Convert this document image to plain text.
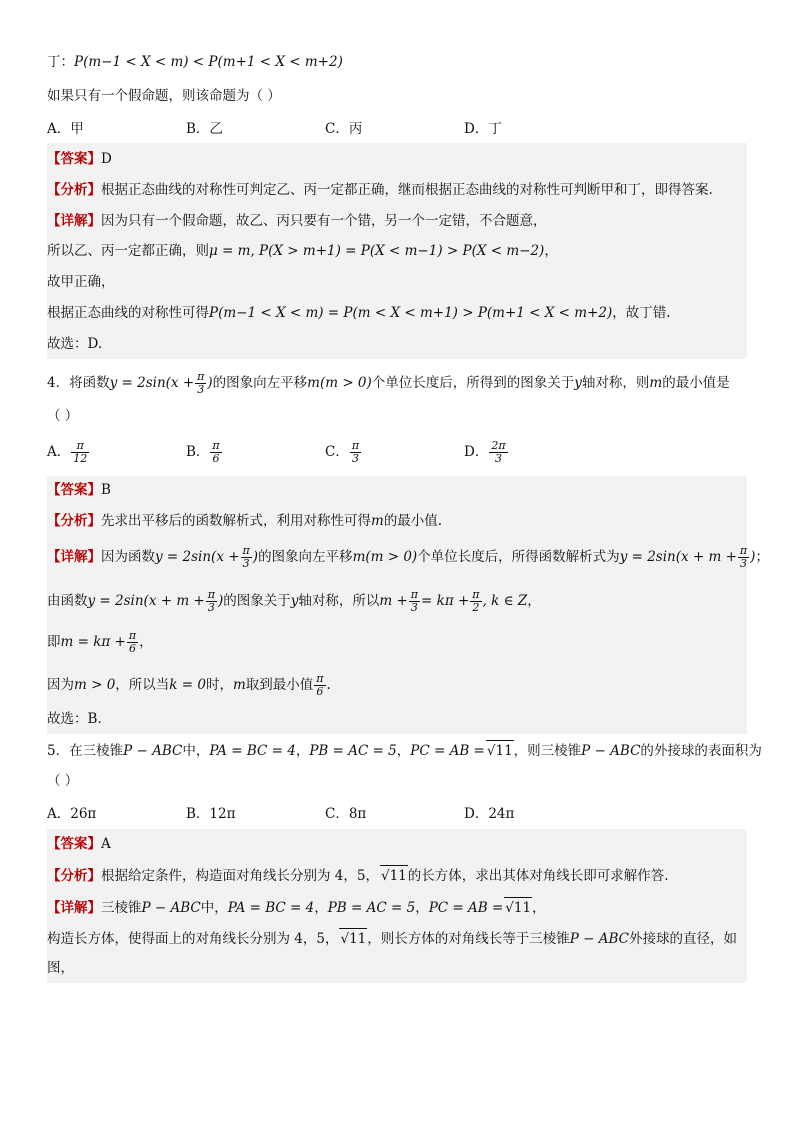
丁：P(m−1 < X < m) < P(m+1 < X < m+2)
如果只有一个假命题，则该命题为（ ）
A．甲	B．乙	C．丙	D．丁
【答案】D
【分析】根据正态曲线的对称性可判定乙、丙一定都正确，继而根据正态曲线的对称性可判断甲和丁，即得答案.
【详解】因为只有一个假命题，故乙、丙只要有一个错，另一个一定错，不合题意，
所以乙、丙一定都正确，则μ = m, P(X > m+1) = P(X < m−1) > P(X < m−2)，
故甲正确，
根据正态曲线的对称性可得P(m−1 < X < m) = P(m < X < m+1) > P(m+1 < X < m+2)，故丁错.
故选：D.
4．将函数$y = 2\sin(x + \frac{\pi}{3}$ )的图象向左平移m(m > 0)个单位长度后，所得到的图象关于y轴对称，则m的最小值是
（ ）
A． $\frac{\pi}{12}$	B． $\frac{\pi}{6}$	C． $\frac{\pi}{3}$	D． $\frac{2\pi}{3}$
【答案】B
【分析】先求出平移后的函数解析式，利用对称性可得m的最小值.
【详解】因为函数$y = 2\sin(x + \frac{\pi}{3}$ )的图象向左平移m(m > 0)个单位长度后，所得函数解析式为$y = 2\sin(x + m + \frac{\pi}{3}$ )；
由函数$y = 2\sin(x + m + \frac{\pi}{3}$ )的图象关于y轴对称，所以$m + \frac{\pi}{3} = k\pi + \frac{\pi}{2}$ , k ∈ Z，
即$m = k\pi + \frac{\pi}{6}$ ，
因为m > 0，所以当k = 0时，m取到最小值 $\frac{\pi}{6}$ .
故选：B.
5．在三棱锥P − ABC中，PA = BC = 4，PB = AC = 5，PC = AB = √11，则三棱锥P − ABC的外接球的表面积为
（ ）
A．26π	B．12π	C．8π	D．24π
【答案】A
【分析】根据给定条件，构造面对角线长分别为 4，5， √11的长方体，求出其体对角线长即可求解作答.
【详解】三棱锥P − ABC中，PA = BC = 4，PB = AC = 5，PC = AB = √11，
构造长方体，使得面上的对角线长分别为 4，5， √11，则长方体的对角线长等于三棱锥P − ABC外接球的直径，如
图，
